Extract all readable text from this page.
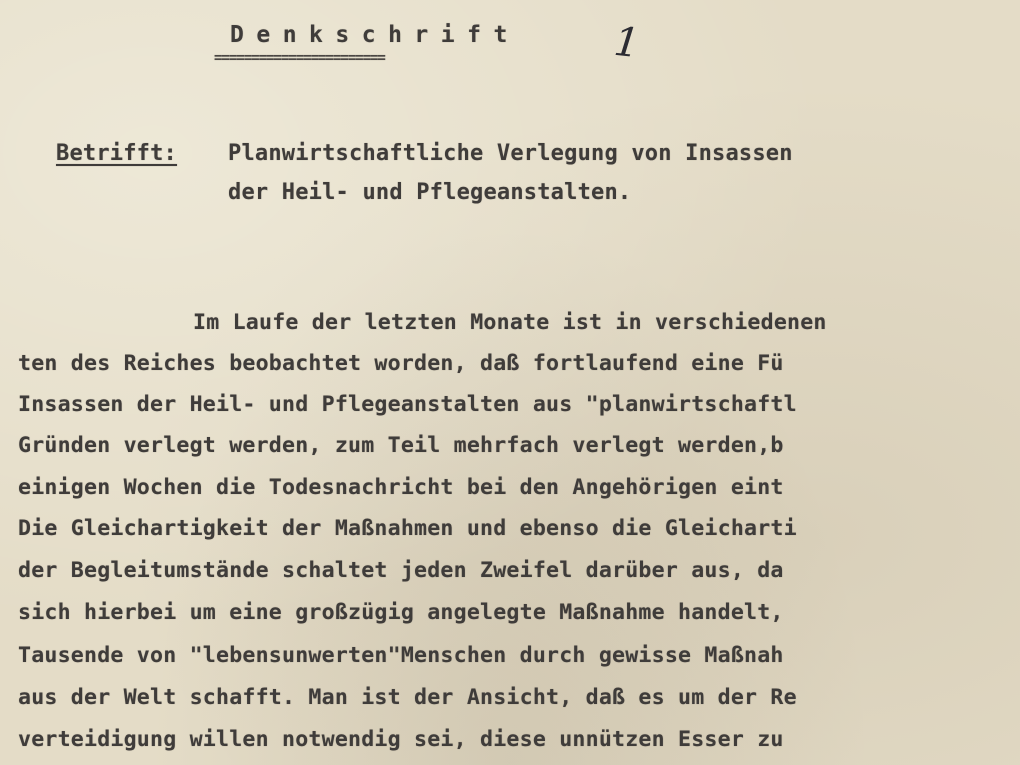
Denkschrift
=======================	1
Betrifft: Planwirtschaftliche Verlegung von Insassen
der Heil- und Pflegeanstalten.
Im Laufe der letzten Monate ist in verschiedenen
ten des Reiches beobachtet worden, daß fortlaufend eine Fü
Insassen der Heil- und Pflegeanstalten aus "planwirtschaftl
Gründen verlegt werden, zum Teil mehrfach verlegt werden,b
einigen Wochen die Todesnachricht bei den Angehörigen eint
Die Gleichartigkeit der Maßnahmen und ebenso die Gleicharti
der Begleitumstände schaltet jeden Zweifel darüber aus, da
sich hierbei um eine großzügig angelegte Maßnahme handelt,
Tausende von "lebensunwerten"Menschen durch gewisse Maßnah
aus der Welt schafft. Man ist der Ansicht, daß es um der Re
verteidigung willen notwendig sei, diese unnützen Esser zu
